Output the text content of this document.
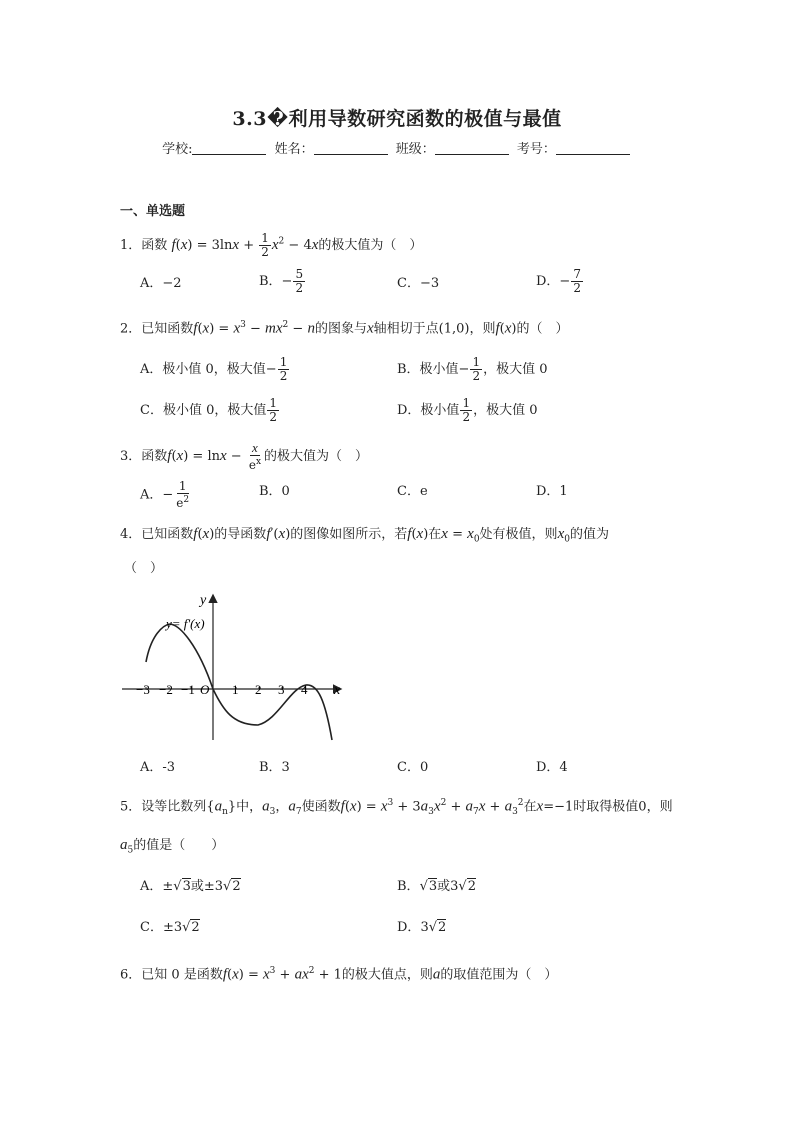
3.3�利用导数研究函数的极值与最值
学校:	姓名：	班级：	考号：
一、单选题
1．函数 $f(x) = 3\ln x + \frac{1}{2} x^2 - 4x$的极大值为（　）
A．−2	B．− $\frac{5}{2}$	C．−3	D．− $\frac{7}{2}$
2．已知函数$f(x) = x^3 - mx^2 - n$的图象与x轴相切于点(1,0)，则f(x)的（　）
A．极小值 0，极大值− $\frac{1}{2}$	B．极小值− $\frac{1}{2}$ ，极大值 0
C．极小值 0，极大值 $\frac{1}{2}$	D．极小值 $\frac{1}{2}$ ，极大值 0
3．函数$f(x) = \ln x - \frac{x}{e^x}$ 的极大值为（　）
A．− $\frac{1}{e^2}$	B．0	C．e	D．1
4．已知函数f(x)的导函数f′(x)的图像如图所示，若f(x)在$x = x_0$处有极值，则$x_0$的值为
（　）
y= f'(x)
y
x
O
−3 −2 −1	1 2 3 4
A．-3	B．3	C．0	D．4
5．设等比数列$\{a_n\}$中，$a_3$，$a_7$使函数$f(x) = x^3 + 3a_3x^2 + a_7x + a_3^2$在x=−1时取得极值0，则
$a_5$的值是（　　）
A．±√3或±3√2	B．√3或3√2
C．±3√2	D．3√2
6．已知 0 是函数$f(x) = x^3 + ax^2 + 1$的极大值点，则a的取值范围为（　）
